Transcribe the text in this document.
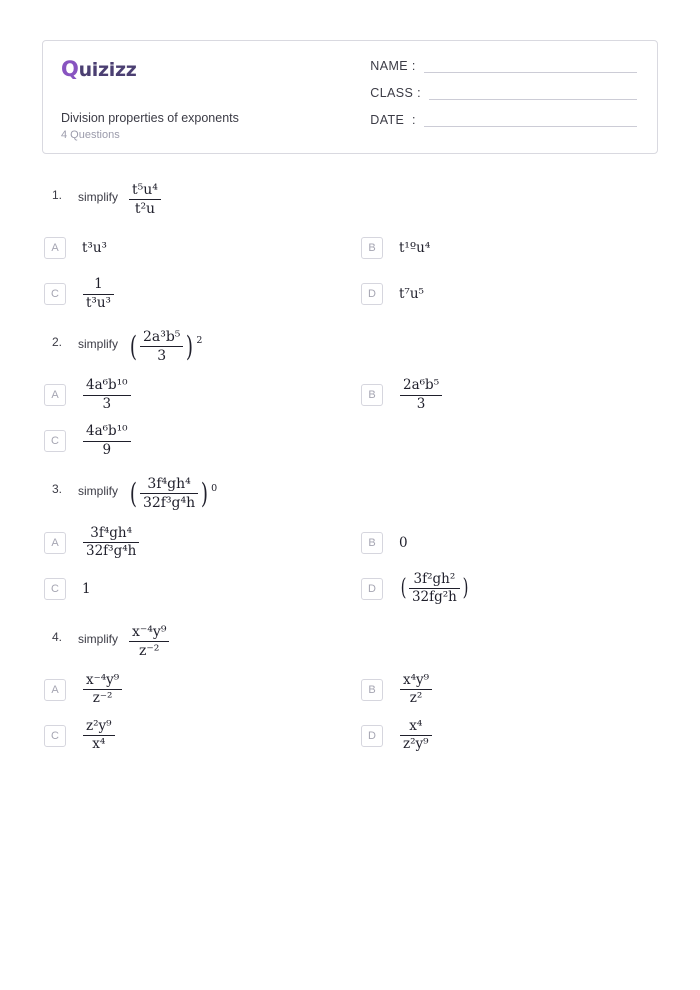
Quizizz
Division properties of exponents
4 Questions
NAME :
CLASS :
DATE  :
1.	simplify $\frac{\text{t⁵u⁴}}{\text{t²u}}$
A	t³u³	B	t¹ºu⁴
C	$\frac{1}{\text{t³u³}}$	D	t⁷u⁵
2.	simplify ( $\frac{\text{2a³b⁵}}{3}$ ) 2
A	$\frac{\text{4a⁶b¹⁰}}{3}$	B	$\frac{\text{2a⁶b⁵}}{3}$
C	$\frac{\text{4a⁶b¹⁰}}{9}$
3.	simplify ( $\frac{\text{3f⁴gh⁴}}{\text{32f³g⁴h}}$ ) 0
A	$\frac{\text{3f⁴gh⁴}}{\text{32f³g⁴h}}$	B	0
C	1	D	( $\frac{\text{3f²gh²}}{\text{32fg²h}}$ )
4.	simplify $\frac{\text{x⁻⁴y⁹}}{\text{z⁻²}}$
A	$\frac{\text{x⁻⁴y⁹}}{\text{z⁻²}}$	B	$\frac{\text{x⁴y⁹}}{\text{z²}}$
C	$\frac{\text{z²y⁹}}{\text{x⁴}}$	D	$\frac{\text{x⁴}}{\text{z²y⁹}}$
